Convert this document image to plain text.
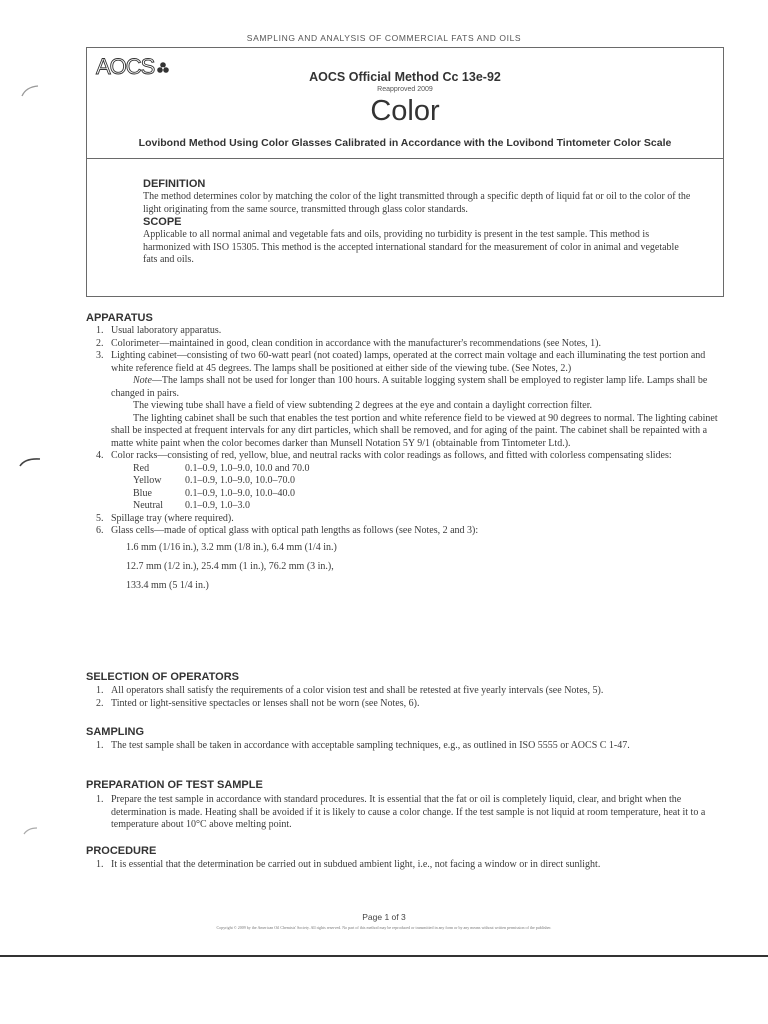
SAMPLING AND ANALYSIS OF COMMERCIAL FATS AND OILS
AOCS	AOCS Official Method Cc 13e-92
Reapproved 2009
Color
Lovibond Method Using Color Glasses Calibrated in Accordance with the Lovibond Tintometer Color Scale
DEFINITION

The method determines color by matching the color of the light transmitted through a specific depth of liquid fat or oil to the color of the light originating from the same source, transmitted through glass color standards.

SCOPE

Applicable to all normal animal and vegetable fats and oils, providing no turbidity is present in the test sample. This method is harmonized with ISO 15305. This method is the accepted international standard for the measurement of color in animal and vegetable fats and oils.

APPARATUS
1. Usual laboratory apparatus.
2. Colorimeter—maintained in good, clean condition in accordance with the manufacturer's recommendations (see Notes, 1).
3. Lighting cabinet—consisting of two 60-watt pearl (not coated) lamps, operated at the correct main voltage and each illuminating the test portion and white reference field at 45 degrees. The lamps shall be positioned at either side of the viewing tube. (See Notes, 2.)

Note—The lamps shall not be used for longer than 100 hours. A suitable logging system shall be employed to register lamp life. Lamps shall be changed in pairs.

The viewing tube shall have a field of view subtending 2 degrees at the eye and contain a daylight correction filter.

The lighting cabinet shall be such that enables the test portion and white reference field to be viewed at 90 degrees to normal. The lighting cabinet shall be inspected at frequent intervals for any dirt particles, which shall be removed, and for aging of the paint. The cabinet shall be repainted with a matte white paint when the color becomes darker than Munsell Notation 5Y 9/1 (obtainable from Tintometer Ltd.).

4. Color racks—consisting of red, yellow, blue, and neutral racks with color readings as follows, and fitted with colorless compensating slides:
Red	0.1–0.9, 1.0–9.0, 10.0 and 70.0
Yellow	0.1–0.9, 1.0–9.0, 10.0–70.0
Blue	0.1–0.9, 1.0–9.0, 10.0–40.0
Neutral	0.1–0.9, 1.0–3.0
5. Spillage tray (where required).
6. Glass cells—made of optical glass with optical path lengths as follows (see Notes, 2 and 3):
1.6 mm (1/16 in.), 3.2 mm (1/8 in.), 6.4 mm (1/4 in.)
12.7 mm (1/2 in.), 25.4 mm (1 in.), 76.2 mm (3 in.),
133.4 mm (5 1/4 in.)
SELECTION OF OPERATORS
1. All operators shall satisfy the requirements of a color vision test and shall be retested at five yearly intervals (see Notes, 5).
2. Tinted or light-sensitive spectacles or lenses shall not be worn (see Notes, 6).
SAMPLING
1. The test sample shall be taken in accordance with acceptable sampling techniques, e.g., as outlined in ISO 5555 or AOCS C 1-47.
PREPARATION OF TEST SAMPLE
1. Prepare the test sample in accordance with standard procedures. It is essential that the fat or oil is completely liquid, clear, and bright when the determination is made. Heating shall be avoided if it is likely to cause a color change. If the test sample is not liquid at room temperature, heat it to a temperature about 10°C above melting point.
PROCEDURE
1. It is essential that the determination be carried out in subdued ambient light, i.e., not facing a window or in direct sunlight.
Page 1 of 3
Copyright © 2009 by the American Oil Chemists' Society. All rights reserved. No part of this method may be reproduced or transmitted in any form or by any means without written permission of the publisher.
